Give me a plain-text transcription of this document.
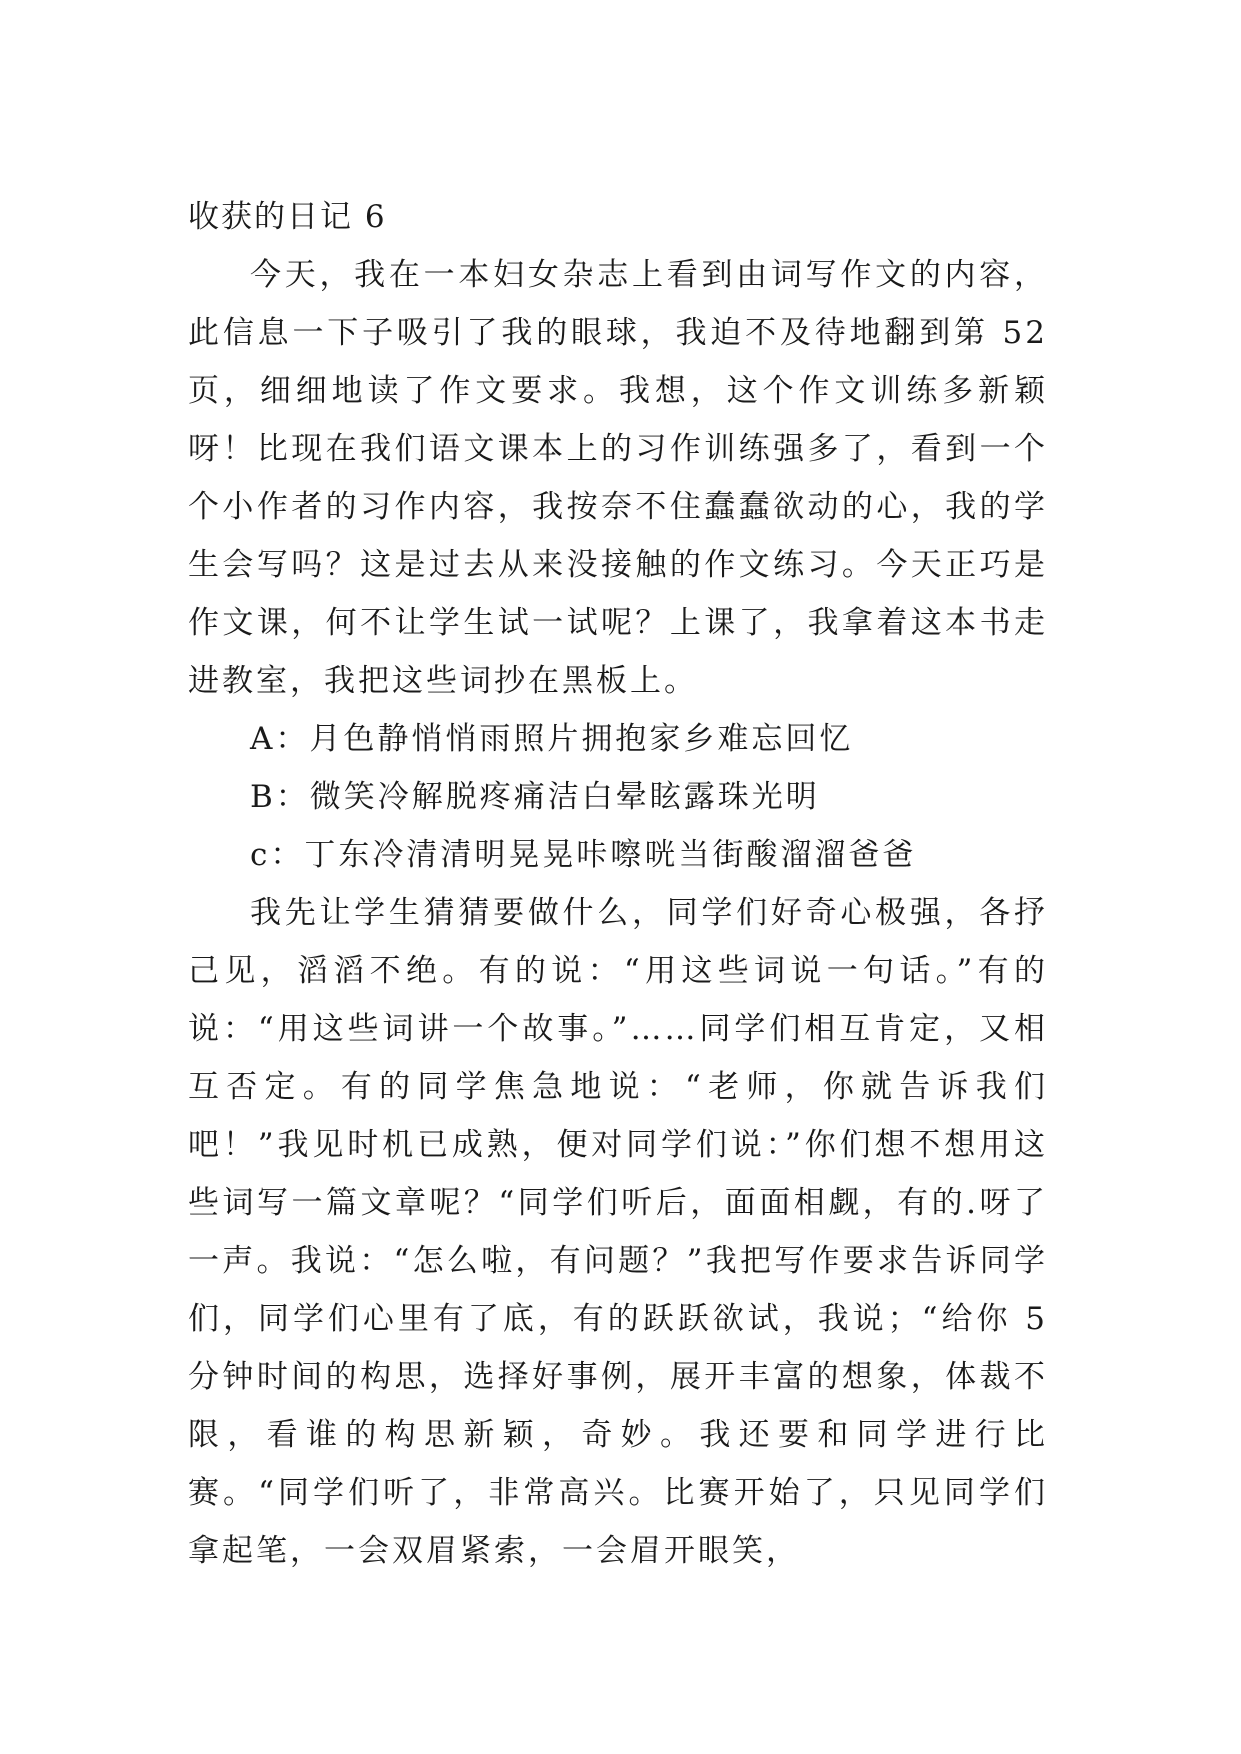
收获的日记 6

今天，我在一本妇女杂志上看到由词写作文的内容，此信息一下子吸引了我的眼球，我迫不及待地翻到第 52 页，细细地读了作文要求。我想，这个作文训练多新颖呀！比现在我们语文课本上的习作训练强多了，看到一个个小作者的习作内容，我按奈不住蠢蠢欲动的心，我的学生会写吗？这是过去从来没接触的作文练习。今天正巧是作文课，何不让学生试一试呢？上课了，我拿着这本书走进教室，我把这些词抄在黑板上。

A：月色静悄悄雨照片拥抱家乡难忘回忆

B：微笑冷解脱疼痛洁白晕眩露珠光明

c：丁东冷清清明晃晃咔嚓咣当街酸溜溜爸爸

我先让学生猜猜要做什么，同学们好奇心极强，各抒己见，滔滔不绝。有的说：“用这些词说一句话。”有的说：“用这些词讲一个故事。”……同学们相互肯定，又相互否定。有的同学焦急地说：“老师，你就告诉我们吧！”我见时机已成熟，便对同学们说：”你们想不想用这些词写一篇文章呢？“同学们听后，面面相觑，有的.呀了一声。我说：“怎么啦，有问题？”我把写作要求告诉同学们，同学们心里有了底，有的跃跃欲试，我说；“给你 5 分钟时间的构思，选择好事例，展开丰富的想象，体裁不限，看谁的构思新颖，奇妙。我还要和同学进行比赛。“同学们听了，非常高兴。比赛开始了，只见同学们拿起笔，一会双眉紧索，一会眉开眼笑，
